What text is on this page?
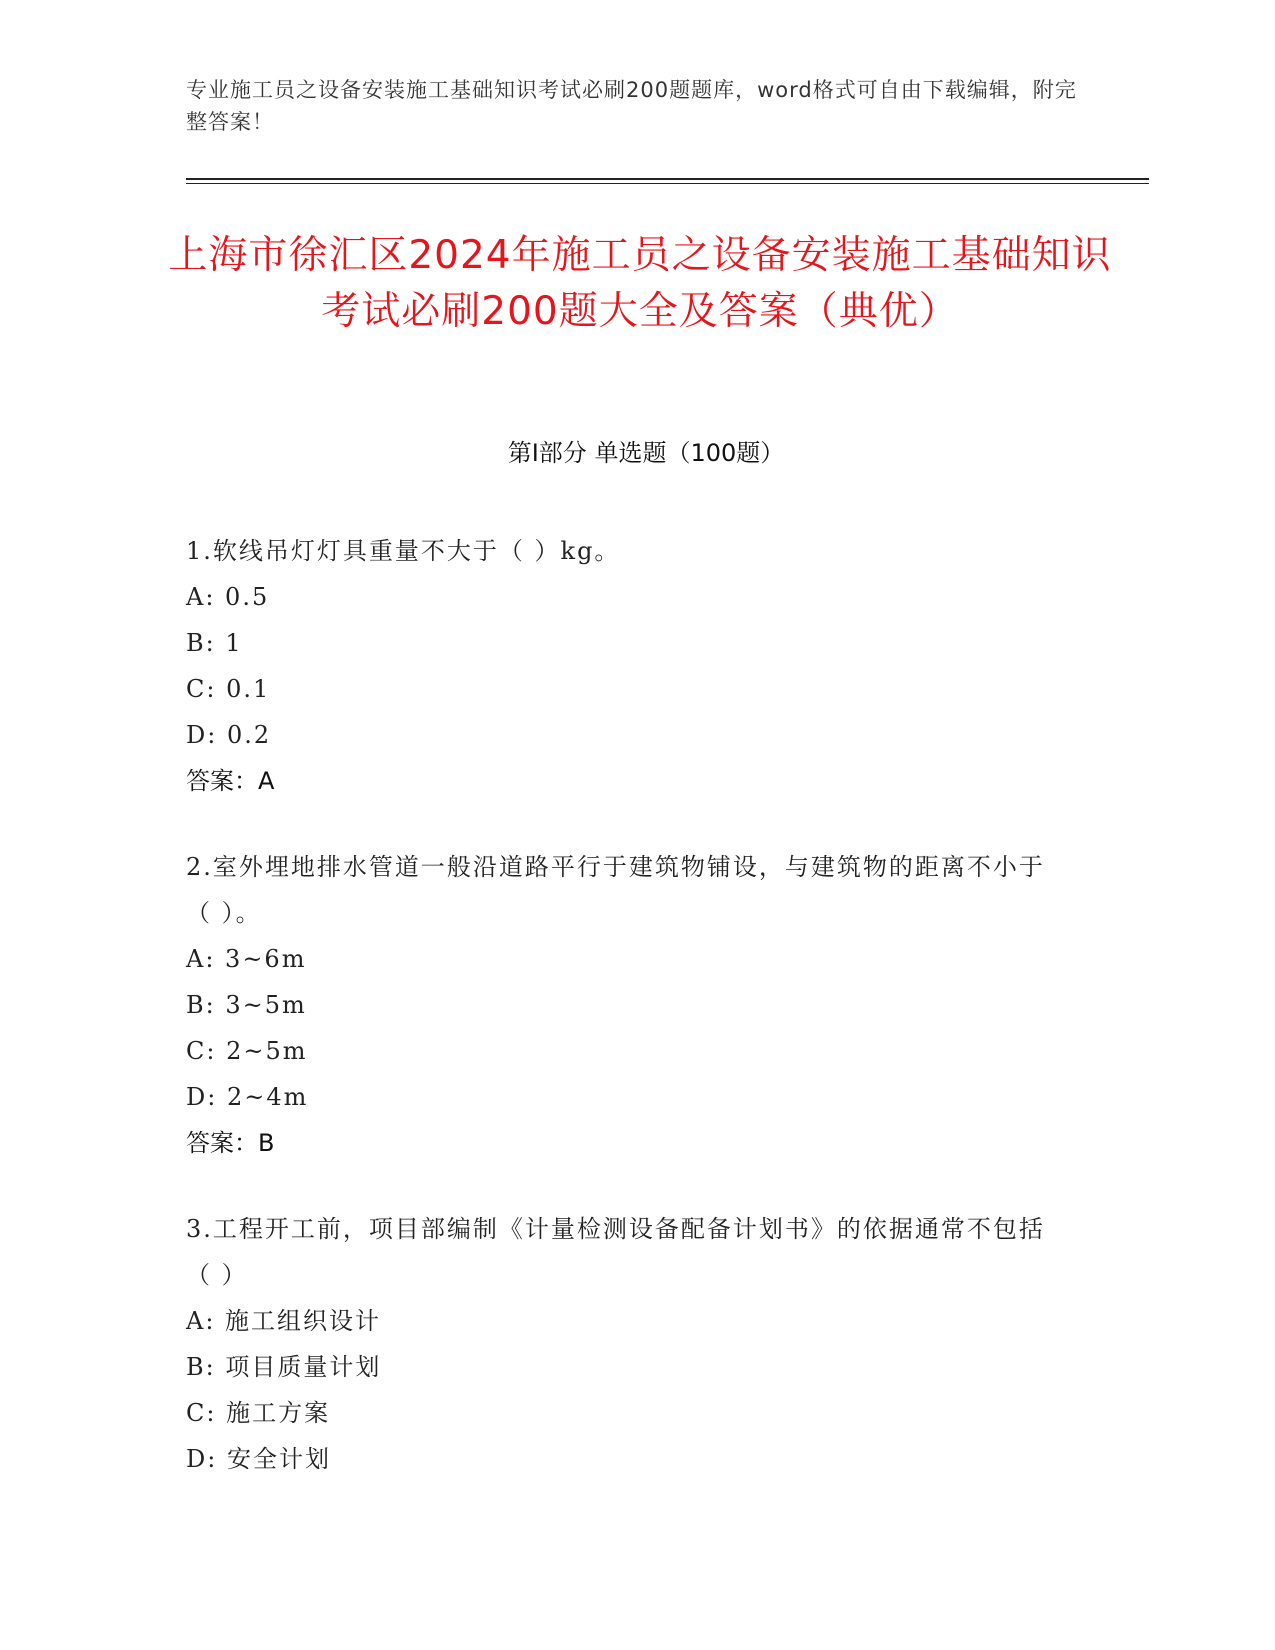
专业施工员之设备安装施工基础知识考试必刷200题题库，word格式可自由下载编辑，附完整答案！
上海市徐汇区2024年施工员之设备安装施工基础知识考试必刷200题大全及答案（典优）
第I部分 单选题（100题）
1.软线吊灯灯具重量不大于（ ）kg。
A: 0.5
B: 1
C: 0.1
D: 0.2
答案：A
2.室外埋地排水管道一般沿道路平行于建筑物铺设，与建筑物的距离不小于（ ）。
A: 3~6m
B: 3~5m
C: 2~5m
D: 2~4m
答案：B
3.工程开工前，项目部编制《计量检测设备配备计划书》的依据通常不包括（ ）
A: 施工组织设计
B: 项目质量计划
C: 施工方案
D: 安全计划
